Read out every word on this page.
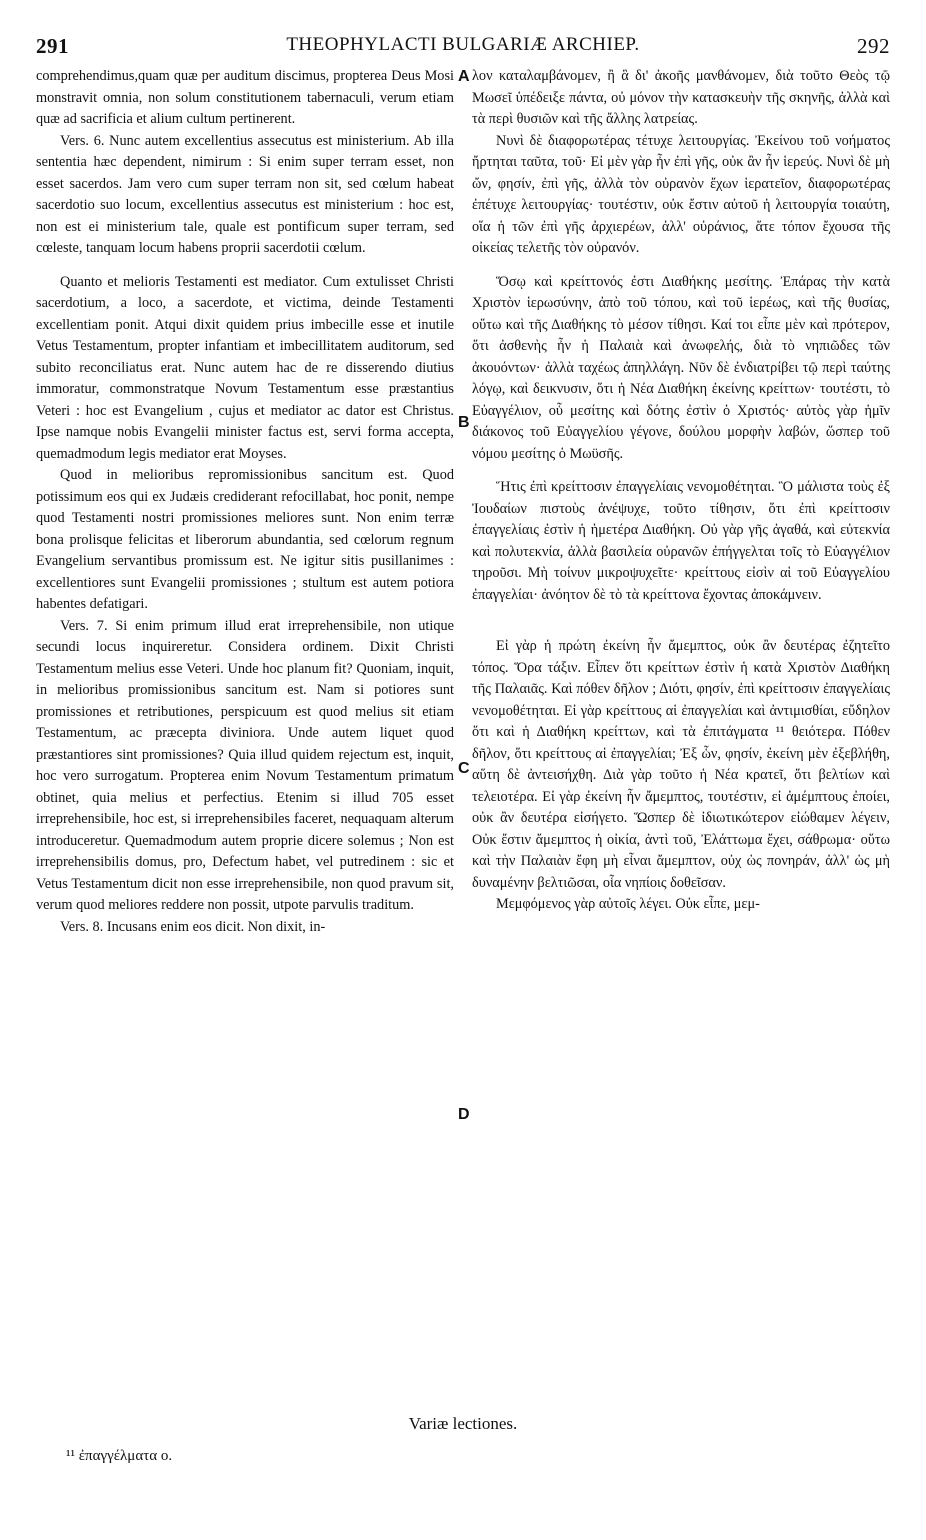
291	THEOPHYLACTI BULGARIÆ ARCHIEP.	292

comprehendimus,quam quæ per auditum discimus, propterea Deus Mosi monstravit omnia, non solum constitutionem tabernaculi, verum etiam quæ ad sacrificia et alium cultum pertinerent.

Vers. 6. Nunc autem excellentius assecutus est ministerium. Ab illa sententia hæc dependent, nimirum : Si enim super terram esset, non esset sacerdos. Jam vero cum super terram non sit, sed cœlum habeat sacerdotio suo locum, excellentius assecutus est ministerium : hoc est, non est ei ministerium tale, quale est pontificum super terram, sed cœleste, tanquam locum habens proprii sacerdotii cœlum.

Quanto et melioris Testamenti est mediator. Cum extulisset Christi sacerdotium, a loco, a sacerdote, et victima, deinde Testamenti excellentiam ponit. Atqui dixit quidem prius imbecille esse et inutile Vetus Testamentum, propter infantiam et imbecillitatem auditorum, sed subito reconciliatus erat. Nunc autem hac de re disserendo diutius immoratur, commonstratque Novum Testamentum esse præstantius Veteri : hoc est Evangelium , cujus et mediator ac dator est Christus. Ipse namque nobis Evangelii minister factus est, servi forma accepta, quemadmodum legis mediator erat Moyses.

Quod in melioribus repromissionibus sancitum est. Quod potissimum eos qui ex Judæis crediderant refocillabat, hoc ponit, nempe quod Testamenti nostri promissiones meliores sunt. Non enim terræ bona prolisque felicitas et liberorum abundantia, sed cœlorum regnum Evangelium servantibus promissum est. Ne igitur sitis pusillanimes : excellentiores sunt Evangelii promissiones ; stultum est autem potiora habentes defatigari.

Vers. 7. Si enim primum illud erat irreprehensibile, non utique secundi locus inquireretur. Considera ordinem. Dixit Christi Testamentum melius esse Veteri. Unde hoc planum fit? Quoniam, inquit, in melioribus promissionibus sancitum est. Nam si potiores sunt promissiones et retributiones, perspicuum est quod melius sit etiam Testamentum, ac præcepta diviniora. Unde autem liquet quod præstantiores sint promissiones? Quia illud quidem rejectum est, inquit, hoc vero surrogatum. Propterea enim Novum Testamentum primatum obtinet, quia melius et perfectius. Etenim si illud 705 esset irreprehensibile, hoc est, si irreprehensibiles faceret, nequaquam alterum introduceretur. Quemadmodum autem proprie dicere solemus ; Non est irreprehensibilis domus, pro, Defectum habet, vel putredinem : sic et Vetus Testamentum dicit non esse irreprehensibile, non quod pravum sit, verum quod meliores reddere non possit, utpote parvulis traditum.

Vers. 8. Incusans enim eos dicit. Non dixit, in-

λον καταλαμβάνομεν, ἢ ἃ δι' ἀκοῆς μανθάνομεν, διὰ τοῦτο Θεὸς τῷ Μωσεῖ ὑπέδειξε πάντα, οὐ μόνον τὴν κατασκευὴν τῆς σκηνῆς, ἀλλὰ καὶ τὰ περὶ θυσιῶν καὶ τῆς ἄλλης λατρείας.

Νυνὶ δὲ διαφορωτέρας τέτυχε λειτουργίας. Ἐκείνου τοῦ νοήματος ἤρτηται ταῦτα, τοῦ· Εἰ μὲν γὰρ ἦν ἐπὶ γῆς, οὐκ ἂν ἦν ἱερεύς. Νυνὶ δὲ μὴ ὤν, φησίν, ἐπὶ γῆς, ἀλλὰ τὸν οὐρανὸν ἔχων ἱερατεῖον, διαφορωτέρας ἐπέτυχε λειτουργίας· τουτέστιν, οὐκ ἔστιν αὐτοῦ ἡ λειτουργία τοιαύτη, οἵα ἡ τῶν ἐπὶ γῆς ἀρχιερέων, ἀλλ' οὐράνιος, ἅτε τόπον ἔχουσα τῆς οἰκείας τελετῆς τὸν οὐρανόν.

Ὅσῳ καὶ κρείττονός ἐστι Διαθήκης μεσίτης. Ἐπάρας τὴν κατὰ Χριστὸν ἱερωσύνην, ἀπὸ τοῦ τόπου, καὶ τοῦ ἱερέως, καὶ τῆς θυσίας, οὕτω καὶ τῆς Διαθήκης τὸ μέσον τίθησι. Καί τοι εἶπε μὲν καὶ πρότερον, ὅτι ἀσθενὴς ἦν ἡ Παλαιὰ καὶ ἀνωφελής, διὰ τὸ νηπιῶδες τῶν ἀκουόντων· ἀλλὰ ταχέως ἀπηλλάγη. Νῦν δὲ ἐνδιατρίβει τῷ περὶ ταύτης λόγῳ, καὶ δεικνυσιν, ὅτι ἡ Νέα Διαθήκη ἐκείνης κρείττων· τουτέστι, τὸ Εὐαγγέλιον, οὗ μεσίτης καὶ δότης ἐστὶν ὁ Χριστός· αὐτὸς γὰρ ἡμῖν διάκονος τοῦ Εὐαγγελίου γέγονε, δούλου μορφὴν λαβών, ὥσπερ τοῦ νόμου μεσίτης ὁ Μωϋσῆς.

Ἥτις ἐπὶ κρείττοσιν ἐπαγγελίαις νενομοθέτηται. Ὃ μάλιστα τοὺς ἐξ Ἰουδαίων πιστοὺς ἀνέψυχε, τοῦτο τίθησιν, ὅτι ἐπὶ κρείττοσιν ἐπαγγελίαις ἐστὶν ἡ ἡμετέρα Διαθήκη. Οὐ γὰρ γῆς ἀγαθά, καὶ εὐτεκνία καὶ πολυτεκνία, ἀλλὰ βασιλεία οὐρανῶν ἐπήγγελται τοῖς τὸ Εὐαγγέλιον τηροῦσι. Μὴ τοίνυν μικροψυχεῖτε· κρείττους εἰσὶν αἱ τοῦ Εὐαγγελίου ἐπαγγελίαι· ἀνόητον δὲ τὸ τὰ κρείττονα ἔχοντας ἀποκάμνειν.

Εἰ γὰρ ἡ πρώτη ἐκείνη ἦν ἄμεμπτος, οὐκ ἂν δευτέρας ἐζητεῖτο τόπος. Ὅρα τάξιν. Εἶπεν ὅτι κρείττων ἐστὶν ἡ κατὰ Χριστὸν Διαθήκη τῆς Παλαιᾶς. Καὶ πόθεν δῆλον ; Διότι, φησίν, ἐπὶ κρείττοσιν ἐπαγγελίαις νενομοθέτηται. Εἰ γὰρ κρείττους αἱ ἐπαγγελίαι καὶ ἀντιμισθίαι, εὔδηλον ὅτι καὶ ἡ Διαθήκη κρείττων, καὶ τὰ ἐπιτάγματα ¹¹ θειότερα. Πόθεν δῆλον, ὅτι κρείττους αἱ ἐπαγγελίαι; Ἐξ ὧν, φησίν, ἐκείνη μὲν ἐξεβλήθη, αὕτη δὲ ἀντεισήχθη. Διὰ γὰρ τοῦτο ἡ Νέα κρατεῖ, ὅτι βελτίων καὶ τελειοτέρα. Εἰ γὰρ ἐκείνη ἦν ἄμεμπτος, τουτέστιν, εἰ ἀμέμπτους ἐποίει, οὐκ ἂν δευτέρα εἰσήγετο. Ὥσπερ δὲ ἰδιωτικώτερον εἰώθαμεν λέγειν, Οὐκ ἔστιν ἄμεμπτος ἡ οἰκία, ἀντὶ τοῦ, Ἐλάττωμα ἔχει, σάθρωμα· οὕτω καὶ τὴν Παλαιὰν ἔφη μὴ εἶναι ἄμεμπτον, οὐχ ὡς πονηράν, ἀλλ' ὡς μὴ δυναμένην βελτιῶσαι, οἷα νηπίοις δοθεῖσαν.

Μεμφόμενος γὰρ αὐτοῖς λέγει. Οὐκ εἶπε, μεμ-

A
B
C
D
Variæ lectiones.
¹¹ ἐπαγγέλματα ο.
